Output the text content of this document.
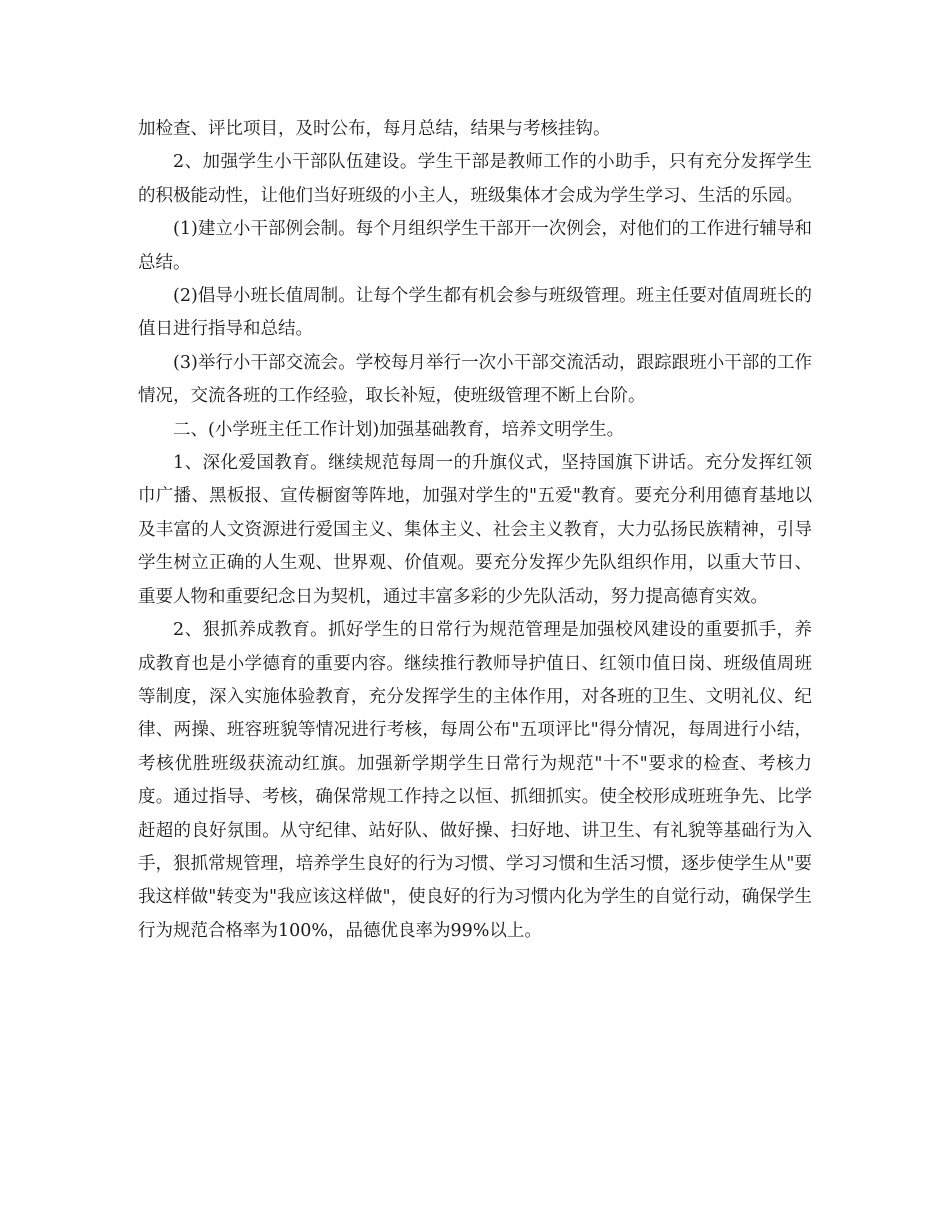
加检查、评比项目，及时公布，每月总结，结果与考核挂钩。

2、加强学生小干部队伍建设。学生干部是教师工作的小助手，只有充分发挥学生的积极能动性，让他们当好班级的小主人，班级集体才会成为学生学习、生活的乐园。

(1)建立小干部例会制。每个月组织学生干部开一次例会，对他们的工作进行辅导和总结。

(2)倡导小班长值周制。让每个学生都有机会参与班级管理。班主任要对值周班长的值日进行指导和总结。

(3)举行小干部交流会。学校每月举行一次小干部交流活动，跟踪跟班小干部的工作情况，交流各班的工作经验，取长补短，使班级管理不断上台阶。

二、(小学班主任工作计划)加强基础教育，培养文明学生。

1、深化爱国教育。继续规范每周一的升旗仪式，坚持国旗下讲话。充分发挥红领巾广播、黑板报、宣传橱窗等阵地，加强对学生的"五爱"教育。要充分利用德育基地以及丰富的人文资源进行爱国主义、集体主义、社会主义教育，大力弘扬民族精神，引导学生树立正确的人生观、世界观、价值观。要充分发挥少先队组织作用，以重大节日、重要人物和重要纪念日为契机，通过丰富多彩的少先队活动，努力提高德育实效。

2、狠抓养成教育。抓好学生的日常行为规范管理是加强校风建设的重要抓手，养成教育也是小学德育的重要内容。继续推行教师导护值日、红领巾值日岗、班级值周班等制度，深入实施体验教育，充分发挥学生的主体作用，对各班的卫生、文明礼仪、纪律、两操、班容班貌等情况进行考核，每周公布"五项评比"得分情况，每周进行小结，考核优胜班级获流动红旗。加强新学期学生日常行为规范"十不"要求的检查、考核力度。通过指导、考核，确保常规工作持之以恒、抓细抓实。使全校形成班班争先、比学赶超的良好氛围。从守纪律、站好队、做好操、扫好地、讲卫生、有礼貌等基础行为入手，狠抓常规管理，培养学生良好的行为习惯、学习习惯和生活习惯，逐步使学生从"要我这样做"转变为"我应该这样做"，使良好的行为习惯内化为学生的自觉行动，确保学生行为规范合格率为100%，品德优良率为99%以上。
